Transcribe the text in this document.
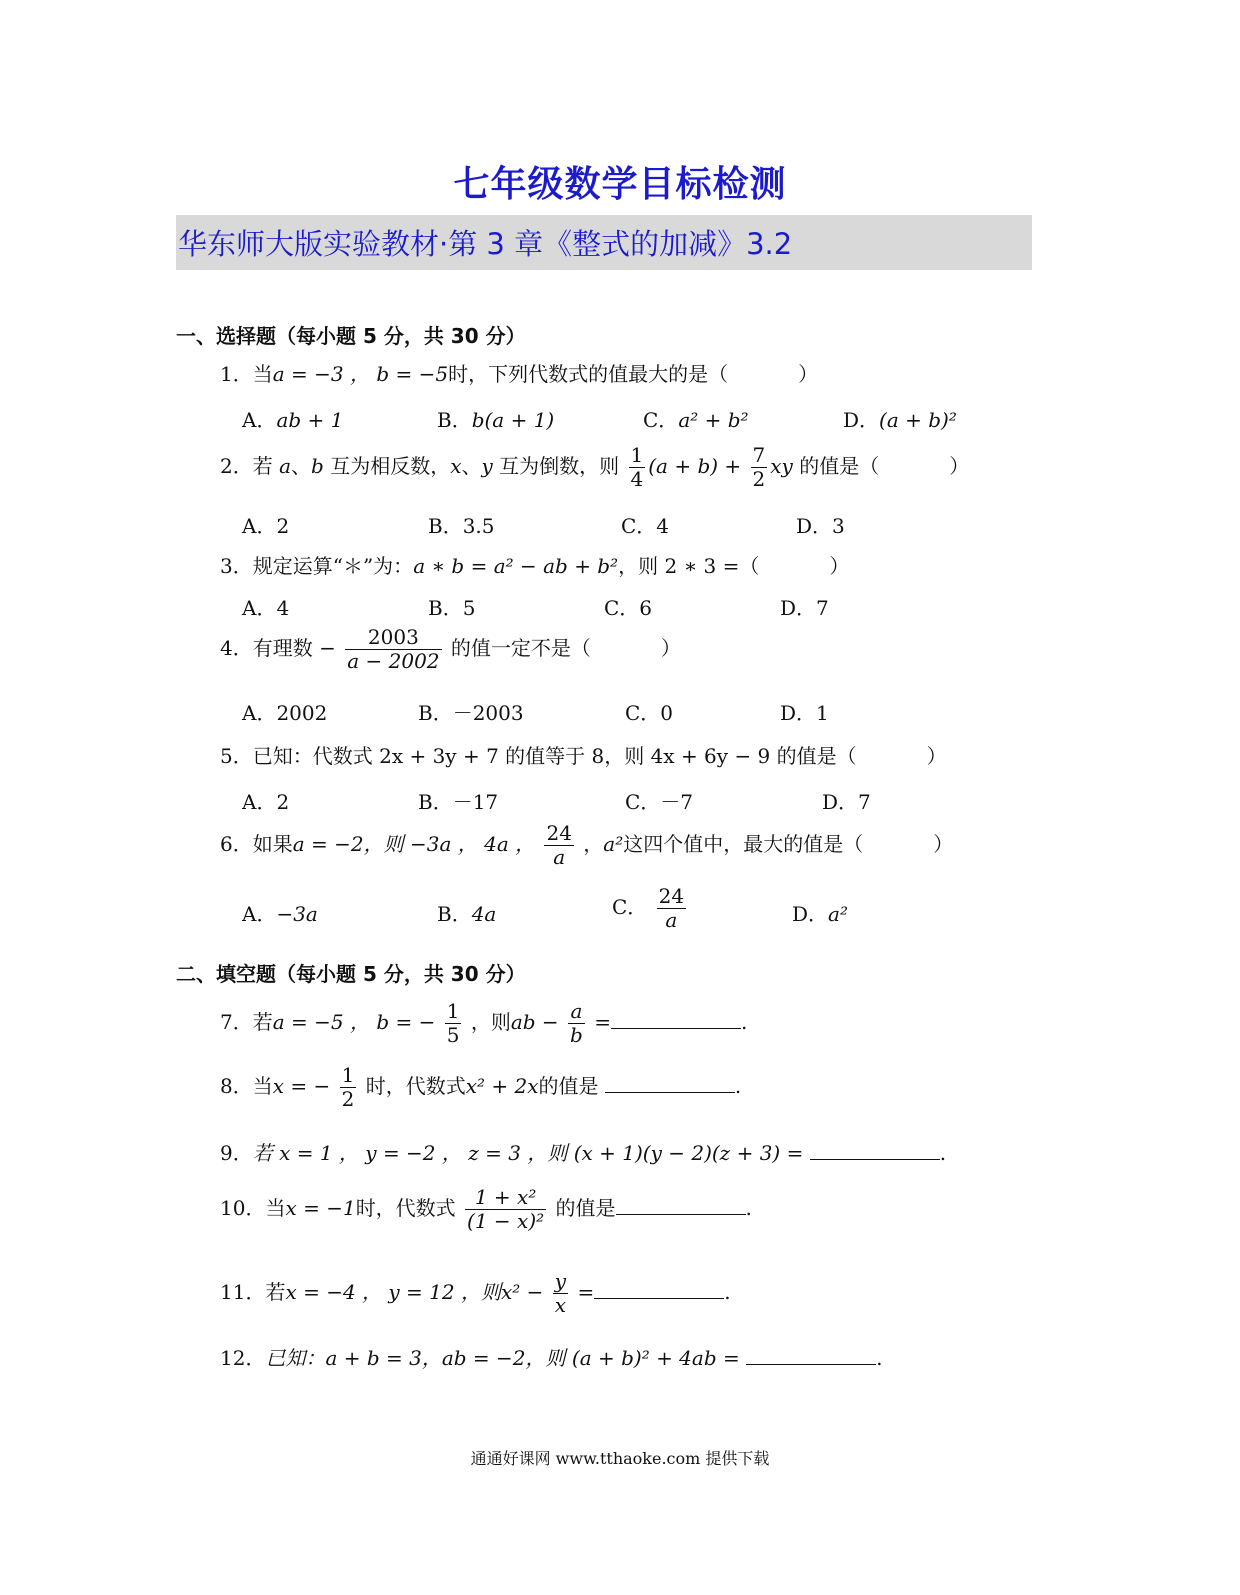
七年级数学目标检测
华东师大版实验教材·第 3 章《整式的加减》3.2
一、选择题（每小题 5 分，共 30 分）
1．当a = −3 ， b = −5时，下列代数式的值最大的是（	）
A．ab + 1	B．b(a + 1)	C．a² + b²	D．(a + b)²
2．若 a、b 互为相反数，x、y 互为倒数，则 $\frac{1}{4} (a + b) + \frac{7}{2}$ xy 的值是（	）
A．2	B．3.5	C．4	D．3
3．规定运算“＊”为：a ∗ b = a² − ab + b²，则 2 ∗ 3 =（	）
A．4	B．5	C．6	D．7
4．有理数 − $\frac{2003}{a - 2002}$ 的值一定不是（	）
A．2002	B．－2003	C．0	D．1
5．已知：代数式 2x + 3y + 7 的值等于 8，则 4x + 6y − 9 的值是（	）
A．2	B．－17	C．－7	D．7
6．如果a = −2，则 −3a ， 4a ， $\frac{24}{a}$ ，a²这四个值中，最大的值是（	）
A．−3a	B．4a	C． $\frac{24}{a}$	D．a²
二、填空题（每小题 5 分，共 30 分）
7．若a = −5 ， b = − $\frac{1}{5}$ ，则ab − $\frac{a}{b}$ =	.
8．当x = − $\frac{1}{2}$ 时，代数式x² + 2x的值是	.
9．若 x = 1 ， y = −2 ， z = 3 ，则 (x + 1)(y − 2)(z + 3) =	.
10．当x = −1时，代数式 $\frac{\text{1 + x²}}{\text{(1 − x)²}}$ 的值是	.
11．若x = −4 ， y = 12 ，则$x^2 - \frac{y}{x}$ =	.
12．已知：a + b = 3，ab = −2，则 (a + b)² + 4ab =	.
通通好课网 www.tthaoke.com 提供下载
